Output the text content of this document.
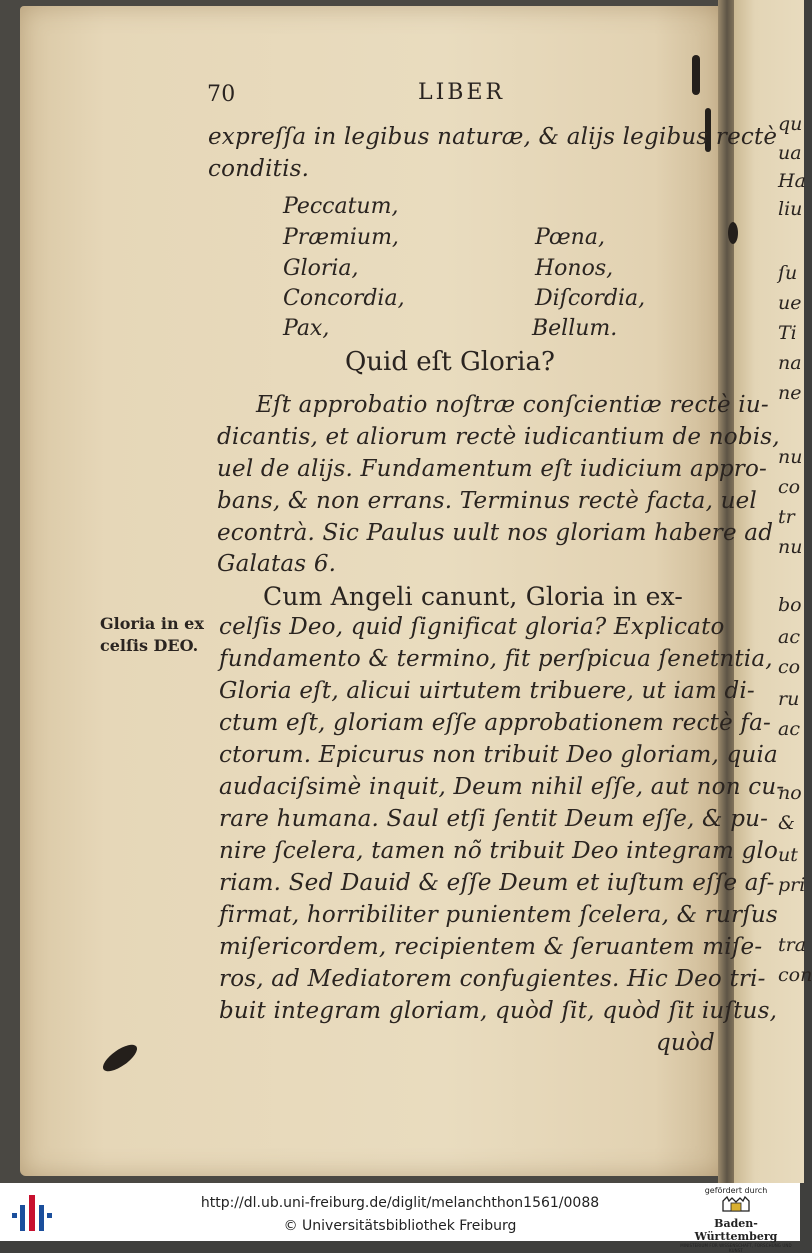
70	LIBER
expreſſa in legibus naturæ, & alijs legibus rectè
conditis.
Peccatum,
Præmium,
Gloria,
Concordia,
Pax,
Pœna,
Honos,
Diſcordia,
Bellum.
Quid eſt Gloria?
Eſt approbatio noſtræ conſcientiæ rectè iu-
dicantis, et aliorum rectè iudicantium de nobis,
uel de alijs. Fundamentum eſt iudicium appro-
bans, & non errans. Terminus rectè facta, uel
econtrà. Sic Paulus uult nos gloriam habere ad
Galatas 6.
Cum Angeli canunt, Gloria in ex-
celſis Deo, quid ſignificat gloria? Explicato
fundamento & termino, fit perſpicua ſenetntia,
Gloria eſt, alicui uirtutem tribuere, ut iam di-
ctum eſt, gloriam eſſe approbationem rectè fa-
ctorum. Epicurus non tribuit Deo gloriam, quia
audaciſsimè inquit, Deum nihil eſſe, aut non cu-
rare humana. Saul etſi ſentit Deum eſſe, & pu-
nire ſcelera, tamen nõ tribuit Deo integram glo
riam. Sed Dauid & eſſe Deum et iuſtum eſſe af-
firmat, horribiliter punientem ſcelera, & rurſus
miſericordem, recipientem & ſeruantem miſe-
ros, ad Mediatorem confugientes. Hic Deo tri-
buit integram gloriam, quòd ſit, quòd ſit iuſtus,
quòd
Gloria in ex
celſis DEO.
qu
ua
Ha
liu
ſu
ue
Ti
na
ne
nu
co
tr
nu
bo
ac
co
ru
ac
no
&
ut
pri
tra
con
http://dl.ub.uni-freiburg.de/diglit/melanchthon1561/0088
© Universitätsbibliothek Freiburg
gefördert durch
Baden-Württemberg
MINISTERIUM FÜR WISSENSCHAFT, FORSCHUNG UND KUNST
